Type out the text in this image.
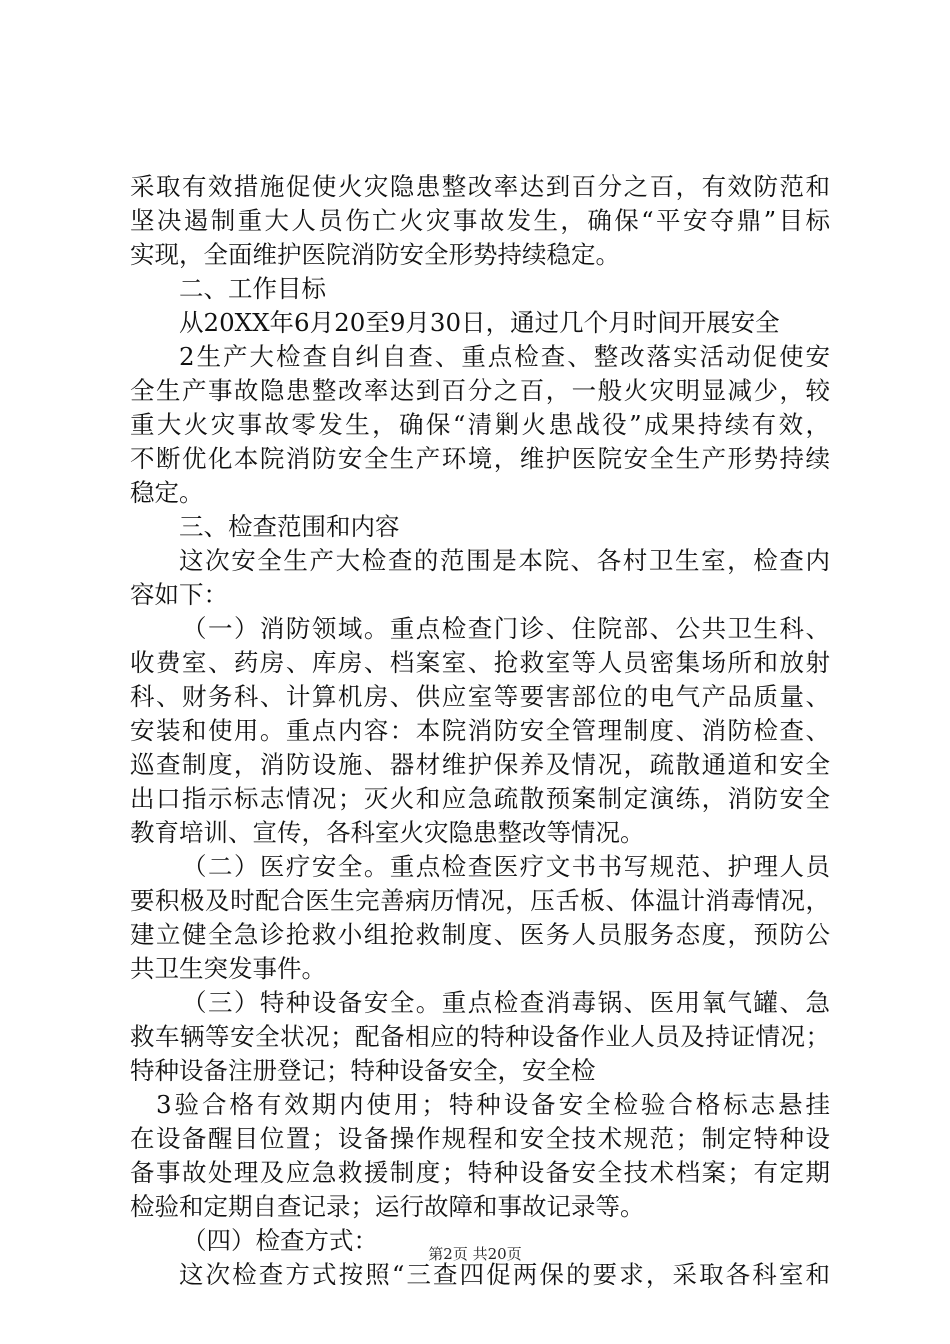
采取有效措施促使火灾隐患整改率达到百分之百，有效防范和
坚决遏制重大人员伤亡火灾事故发生，确保“平安夺鼎”目标
实现，全面维护医院消防安全形势持续稳定。
二、工作目标
从20XX年6月20至9月30日，通过几个月时间开展安全
2生产大检查自纠自查、重点检查、整改落实活动促使安
全生产事故隐患整改率达到百分之百，一般火灾明显减少，较
重大火灾事故零发生，确保“清剿火患战役”成果持续有效，
不断优化本院消防安全生产环境，维护医院安全生产形势持续
稳定。
三、检查范围和内容
这次安全生产大检查的范围是本院、各村卫生室，检查内
容如下：
（一）消防领域。重点检查门诊、住院部、公共卫生科、
收费室、药房、库房、档案室、抢救室等人员密集场所和放射
科、财务科、计算机房、供应室等要害部位的电气产品质量、
安装和使用。重点内容：本院消防安全管理制度、消防检查、
巡查制度，消防设施、器材维护保养及情况，疏散通道和安全
出口指示标志情况；灭火和应急疏散预案制定演练，消防安全
教育培训、宣传，各科室火灾隐患整改等情况。
（二）医疗安全。重点检查医疗文书书写规范、护理人员
要积极及时配合医生完善病历情况，压舌板、体温计消毒情况，
建立健全急诊抢救小组抢救制度、医务人员服务态度，预防公
共卫生突发事件。
（三）特种设备安全。重点检查消毒锅、医用氧气罐、急
救车辆等安全状况；配备相应的特种设备作业人员及持证情况；
特种设备注册登记；特种设备安全，安全检
3验合格有效期内使用；特种设备安全检验合格标志悬挂
在设备醒目位置；设备操作规程和安全技术规范；制定特种设
备事故处理及应急救援制度；特种设备安全技术档案；有定期
检验和定期自查记录；运行故障和事故记录等。
（四）检查方式：
这次检查方式按照“三查四促两保的要求，采取各科室和
第2页 共20页
